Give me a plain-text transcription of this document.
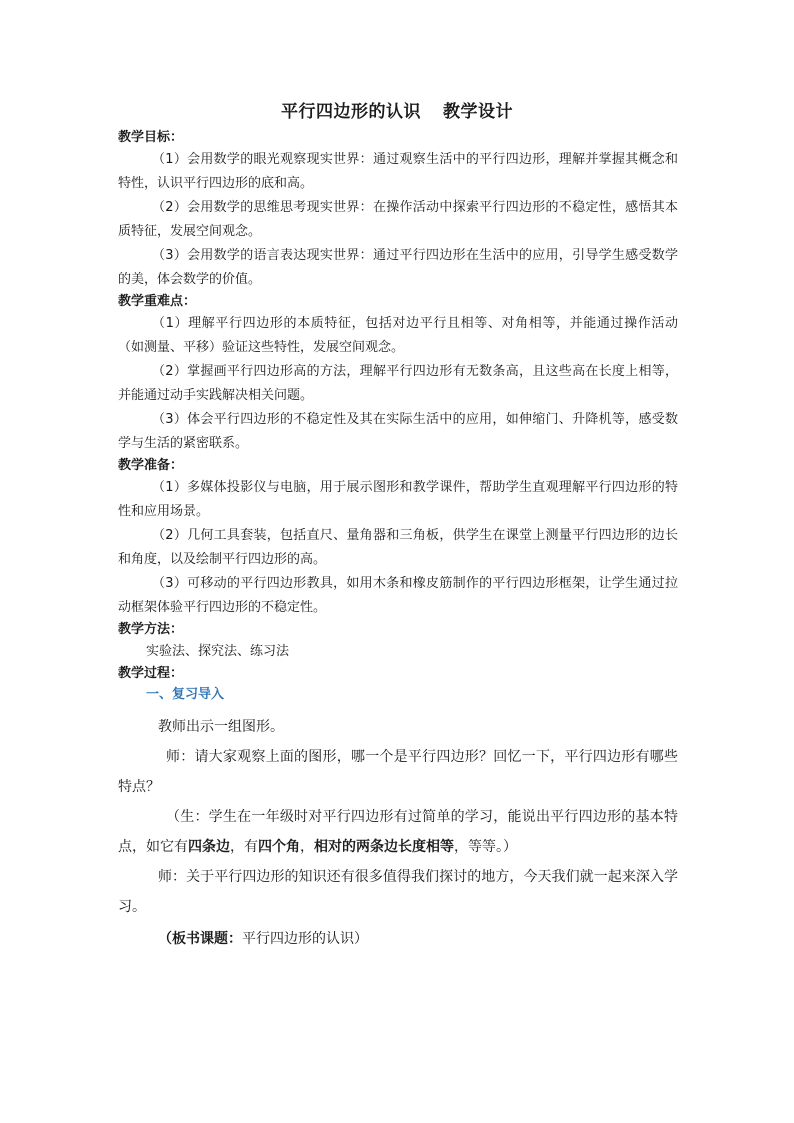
平行四边形的认识 教学设计
教学目标：
（1）会用数学的眼光观察现实世界：通过观察生活中的平行四边形，理解并掌握其概念和特性，认识平行四边形的底和高。
（2）会用数学的思维思考现实世界：在操作活动中探索平行四边形的不稳定性，感悟其本质特征，发展空间观念。
（3）会用数学的语言表达现实世界：通过平行四边形在生活中的应用，引导学生感受数学的美，体会数学的价值。
教学重难点：
（1）理解平行四边形的本质特征，包括对边平行且相等、对角相等，并能通过操作活动（如测量、平移）验证这些特性，发展空间观念。
（2）掌握画平行四边形高的方法，理解平行四边形有无数条高，且这些高在长度上相等，并能通过动手实践解决相关问题。
（3）体会平行四边形的不稳定性及其在实际生活中的应用，如伸缩门、升降机等，感受数学与生活的紧密联系。
教学准备：
（1）多媒体投影仪与电脑，用于展示图形和教学课件，帮助学生直观理解平行四边形的特性和应用场景。
（2）几何工具套装，包括直尺、量角器和三角板，供学生在课堂上测量平行四边形的边长和角度，以及绘制平行四边形的高。
（3）可移动的平行四边形教具，如用木条和橡皮筋制作的平行四边形框架，让学生通过拉动框架体验平行四边形的不稳定性。
教学方法：
实验法、探究法、练习法
教学过程：
一、复习导入
教师出示一组图形。
师：请大家观察上面的图形，哪一个是平行四边形？回忆一下，平行四边形有哪些特点？
（生：学生在一年级时对平行四边形有过简单的学习，能说出平行四边形的基本特点，如它有四条边，有四个角，相对的两条边长度相等，等等。）
师：关于平行四边形的知识还有很多值得我们探讨的地方，今天我们就一起来深入学习。
（板书课题：平行四边形的认识）
